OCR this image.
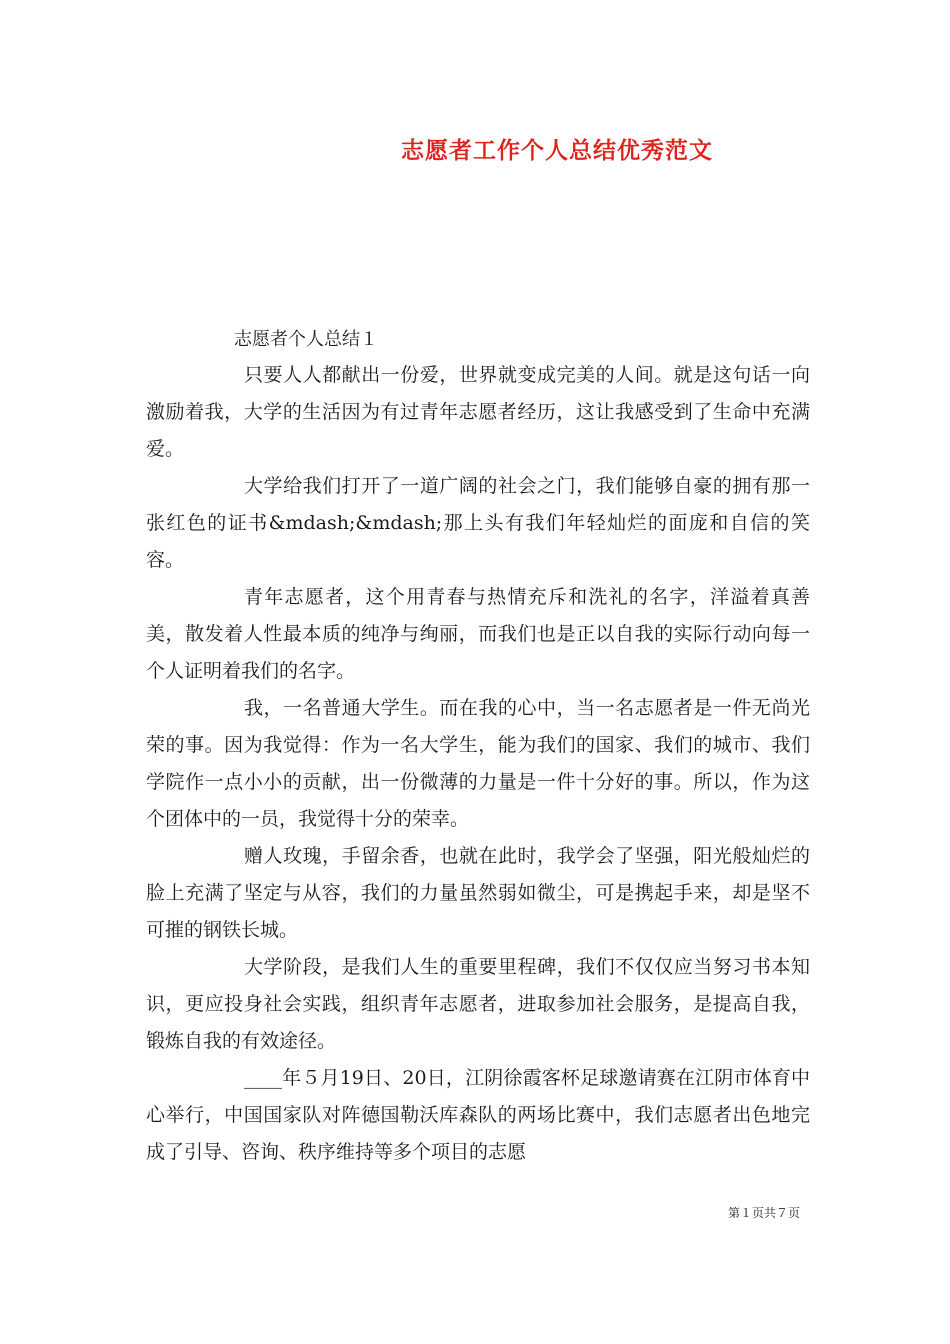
志愿者工作个人总结优秀范文
志愿者个人总结１

只要人人都献出一份爱，世界就变成完美的人间。就是这句话一向激励着我，大学的生活因为有过青年志愿者经历，这让我感受到了生命中充满爱。

大学给我们打开了一道广阔的社会之门，我们能够自豪的拥有那一张红色的证书&mdash;&mdash;那上头有我们年轻灿烂的面庞和自信的笑容。

青年志愿者，这个用青春与热情充斥和洗礼的名字，洋溢着真善美，散发着人性最本质的纯净与绚丽，而我们也是正以自我的实际行动向每一个人证明着我们的名字。

我，一名普通大学生。而在我的心中，当一名志愿者是一件无尚光荣的事。因为我觉得：作为一名大学生，能为我们的国家、我们的城市、我们学院作一点小小的贡献，出一份微薄的力量是一件十分好的事。所以，作为这个团体中的一员，我觉得十分的荣幸。

赠人玫瑰，手留余香，也就在此时，我学会了坚强，阳光般灿烂的脸上充满了坚定与从容，我们的力量虽然弱如微尘，可是携起手来，却是坚不可摧的钢铁长城。

大学阶段，是我们人生的重要里程碑，我们不仅仅应当努习书本知识，更应投身社会实践，组织青年志愿者，进取参加社会服务，是提高自我，锻炼自我的有效途径。

____年５月19日、20日，江阴徐霞客杯足球邀请赛在江阴市体育中心举行，中国国家队对阵德国勒沃库森队的两场比赛中，我们志愿者出色地完成了引导、咨询、秩序维持等多个项目的志愿

第１页共７页
